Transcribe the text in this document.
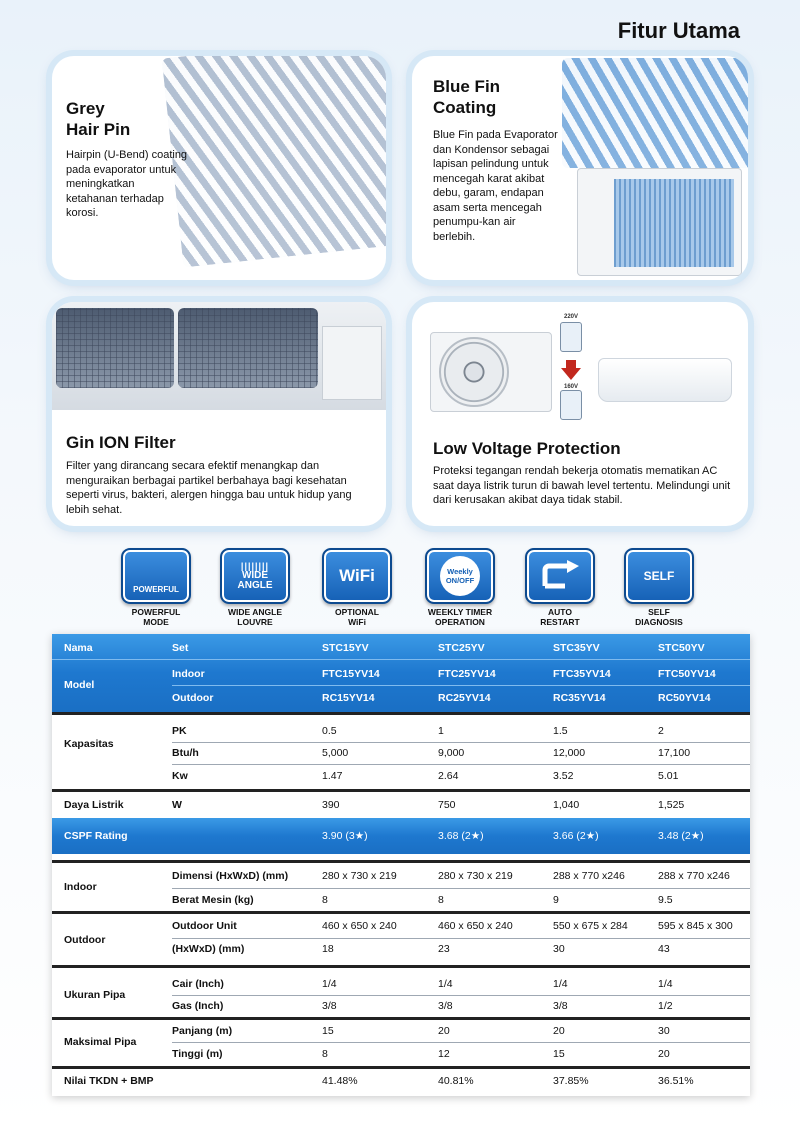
Fitur Utama
Grey
Hair Pin

Hairpin (U-Bend) coating pada evaporator untuk meningkatkan ketahanan terhadap korosi.

Blue Fin
Coating

Blue Fin pada Evaporator dan Kondensor sebagai lapisan pelindung untuk mencegah karat akibat debu, garam, endapan asam serta mencegah penumpu-kan air berlebih.

Gin ION Filter

Filter yang dirancang secara efektif menangkap dan menguraikan berbagai partikel berbahaya bagi kesehatan seperti virus, bakteri, alergen hingga bau untuk hidup yang lebih sehat.

220V
160V
Low Voltage Protection

Proteksi tegangan rendah bekerja otomatis mematikan AC saat daya listrik turun di bawah level tertentu. Melindungi unit dari kerusakan akibat daya tidak stabil.

POWERFUL
||||||||
WIDE
ANGLE
WiFi	Weekly
ON/OFF	SELF
POWERFUL
MODE
WIDE ANGLE
LOUVRE
OPTIONAL
WiFi
WEEKLY TIMER
OPERATION
AUTO
RESTART
SELF
DIAGNOSIS
Nama	Set	STC15YV	STC25YV	STC35YV	STC50YV
Model
Indoor	FTC15YV14	FTC25YV14	FTC35YV14	FTC50YV14
Outdoor	RC15YV14	RC25YV14	RC35YV14	RC50YV14
Kapasitas
PK	0.5	1	1.5	2
Btu/h	5,000	9,000	12,000	17,100
Kw	1.47	2.64	3.52	5.01
Daya Listrik	W	390	750	1,040	1,525
CSPF Rating	3.90 (3★)	3.68 (2★)	3.66 (2★)	3.48 (2★)
Indoor
Dimensi (HxWxD) (mm)	280 x 730 x 219	280 x 730 x 219	288 x 770 x246	288 x 770 x246
Berat Mesin (kg)	8	8	9	9.5
Outdoor
Outdoor Unit	460 x 650 x 240	460 x 650 x 240	550 x 675 x 284	595 x 845 x 300
(HxWxD) (mm)	18	23	30	43
Ukuran Pipa
Cair (Inch)	1/4	1/4	1/4	1/4
Gas (Inch)	3/8	3/8	3/8	1/2
Maksimal Pipa
Panjang (m)	15	20	20	30
Tinggi (m)	8	12	15	20
Nilai TKDN + BMP	41.48%	40.81%	37.85%	36.51%
